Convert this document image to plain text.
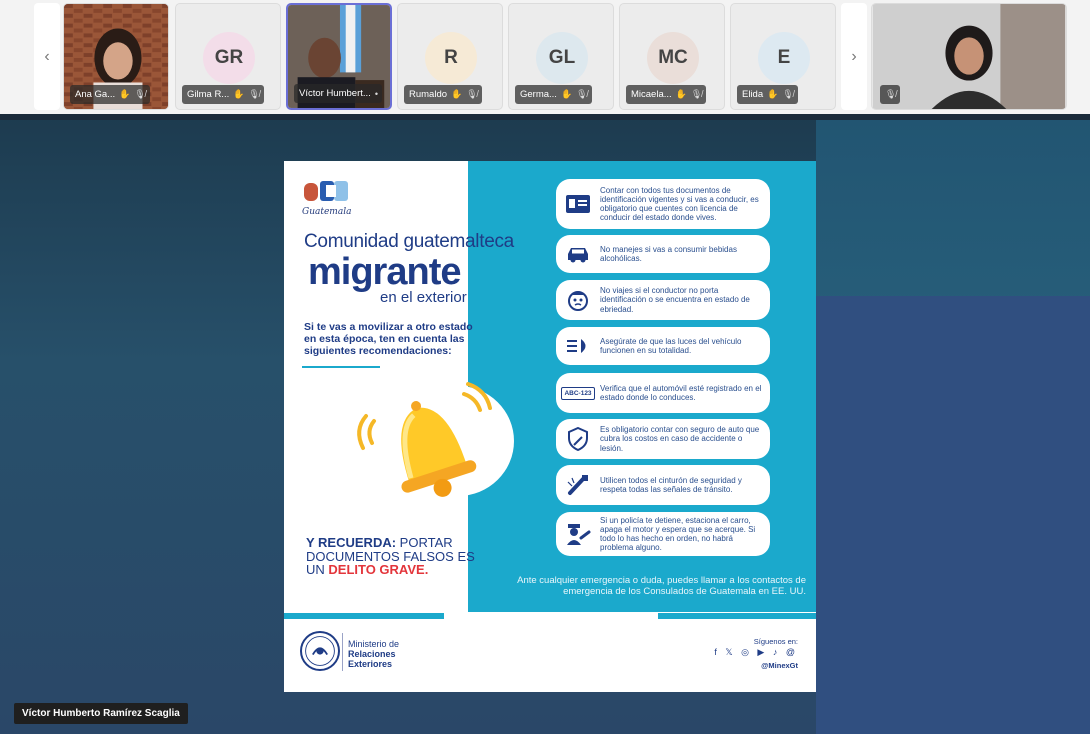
‹
Ana Ga... ✋ 🎙︎̸
GR
Gilma R... ✋ 🎙︎̸	Víctor Humbert... •
R
Rumaldo ✋ 🎙︎̸
GL
Germa... ✋ 🎙︎̸
MC
Micaela... ✋ 🎙︎̸
E
Elida ✋ 🎙︎̸
›
🎙︎̸
Guatemala
Comunidad guatemalteca
migrante
en el exterior
Si te vas a movilizar a otro estado en esta época, ten en cuenta las siguientes recomendaciones:
Y RECUERDA: PORTAR DOCUMENTOS FALSOS ES UN DELITO GRAVE.
Contar con todos tus documentos de identificación vigentes y si vas a conducir, es obligatorio que cuentes con licencia de conducir del estado donde vives.
No manejes si vas a consumir bebidas alcohólicas.
No viajes si el conductor no porta identificación o se encuentra en estado de ebriedad.
Asegúrate de que las luces del vehículo funcionen en su totalidad.
ABC-123
Verifica que el automóvil esté registrado en el estado donde lo conduces.
Es obligatorio contar con seguro de auto que cubra los costos en caso de accidente o lesión.
Utilicen todos el cinturón de seguridad y respeta todas las señales de tránsito.
Si un policía te detiene, estaciona el carro, apaga el motor y espera que se acerque. Si todo lo has hecho en orden, no habrá problema alguno.
Ante cualquier emergencia o duda, puedes llamar a los contactos de emergencia de los Consulados de Guatemala en EE. UU.
Ministerio de
Relaciones
Exteriores
Síguenos en:
f 𝕏 ◎ ▶ ♪ @
@MinexGt
Víctor Humberto Ramírez Scaglia
